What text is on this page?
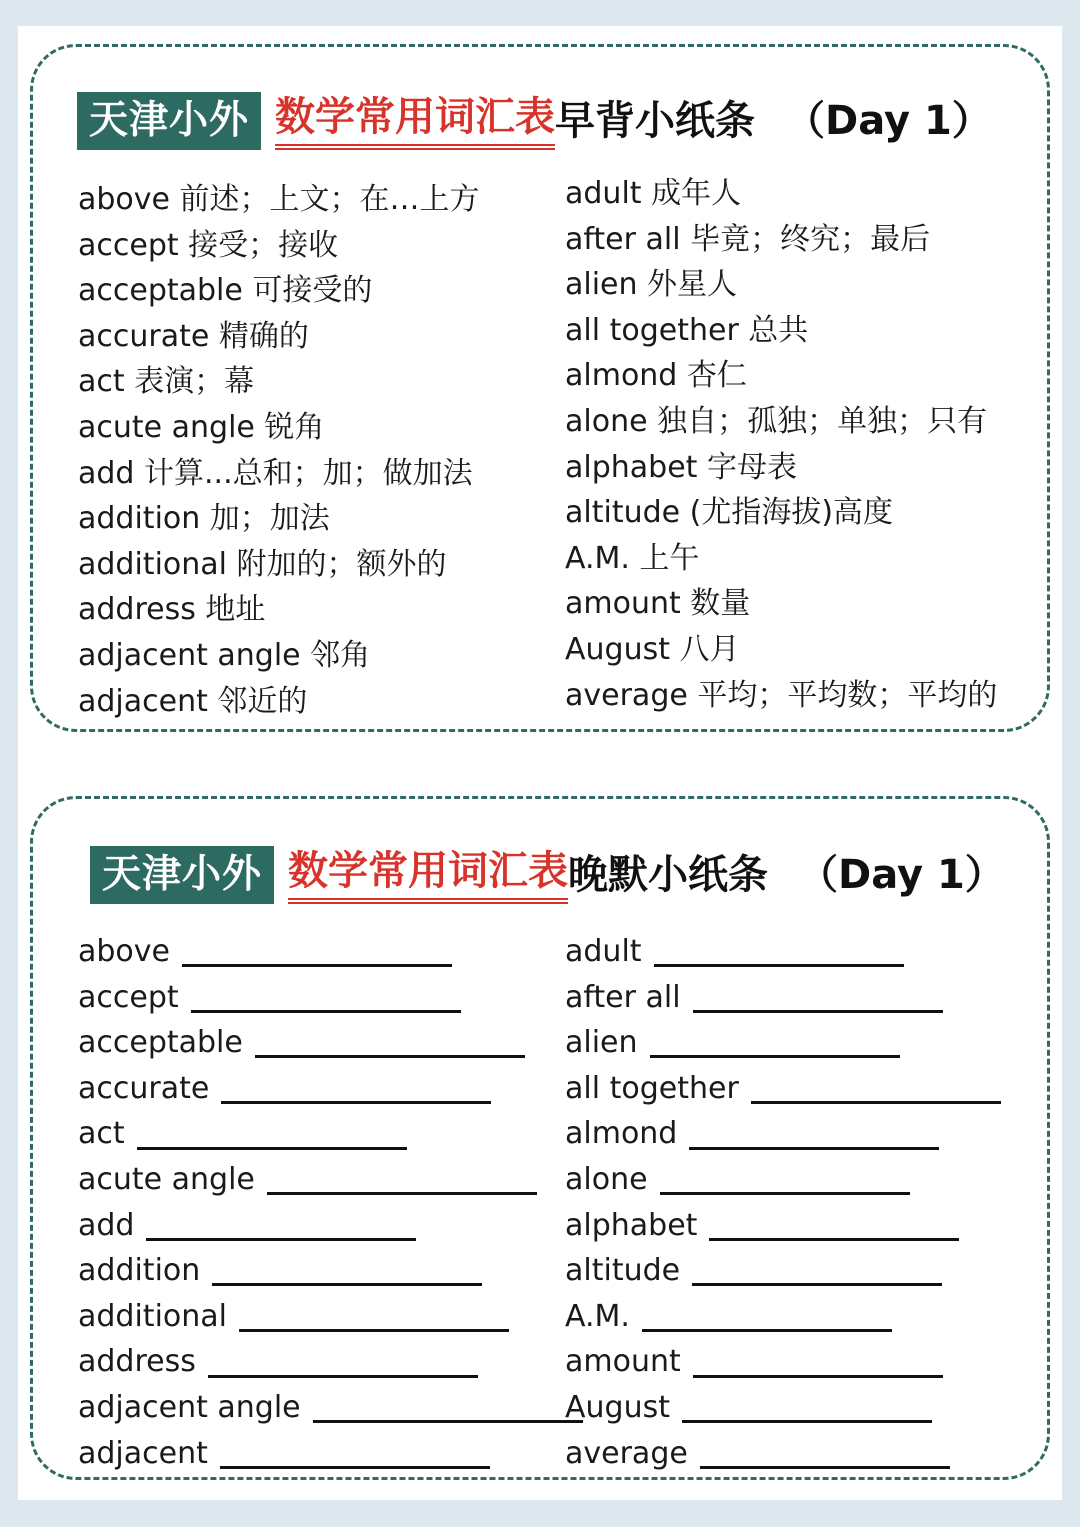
天津小外 数学常用词汇表 早背小纸条 （Day 1）
above 前述；上文；在…上方
accept 接受；接收
acceptable 可接受的
accurate 精确的
act 表演；幕
acute angle 锐角
add 计算...总和；加；做加法
addition 加；加法
additional 附加的；额外的
address 地址
adjacent angle 邻角
adjacent 邻近的
adult 成年人
after all 毕竟；终究；最后
alien 外星人
all together 总共
almond 杏仁
alone 独自；孤独；单独；只有
alphabet 字母表
altitude (尤指海拔)高度
A.M. 上午
amount 数量
August 八月
average 平均；平均数；平均的
天津小外 数学常用词汇表 晚默小纸条 （Day 1）
above
accept
acceptable
accurate
act
acute angle
add
addition
additional
address
adjacent angle
adjacent
adult
after all
alien
all together
almond
alone
alphabet
altitude
A.M.
amount
August
average
